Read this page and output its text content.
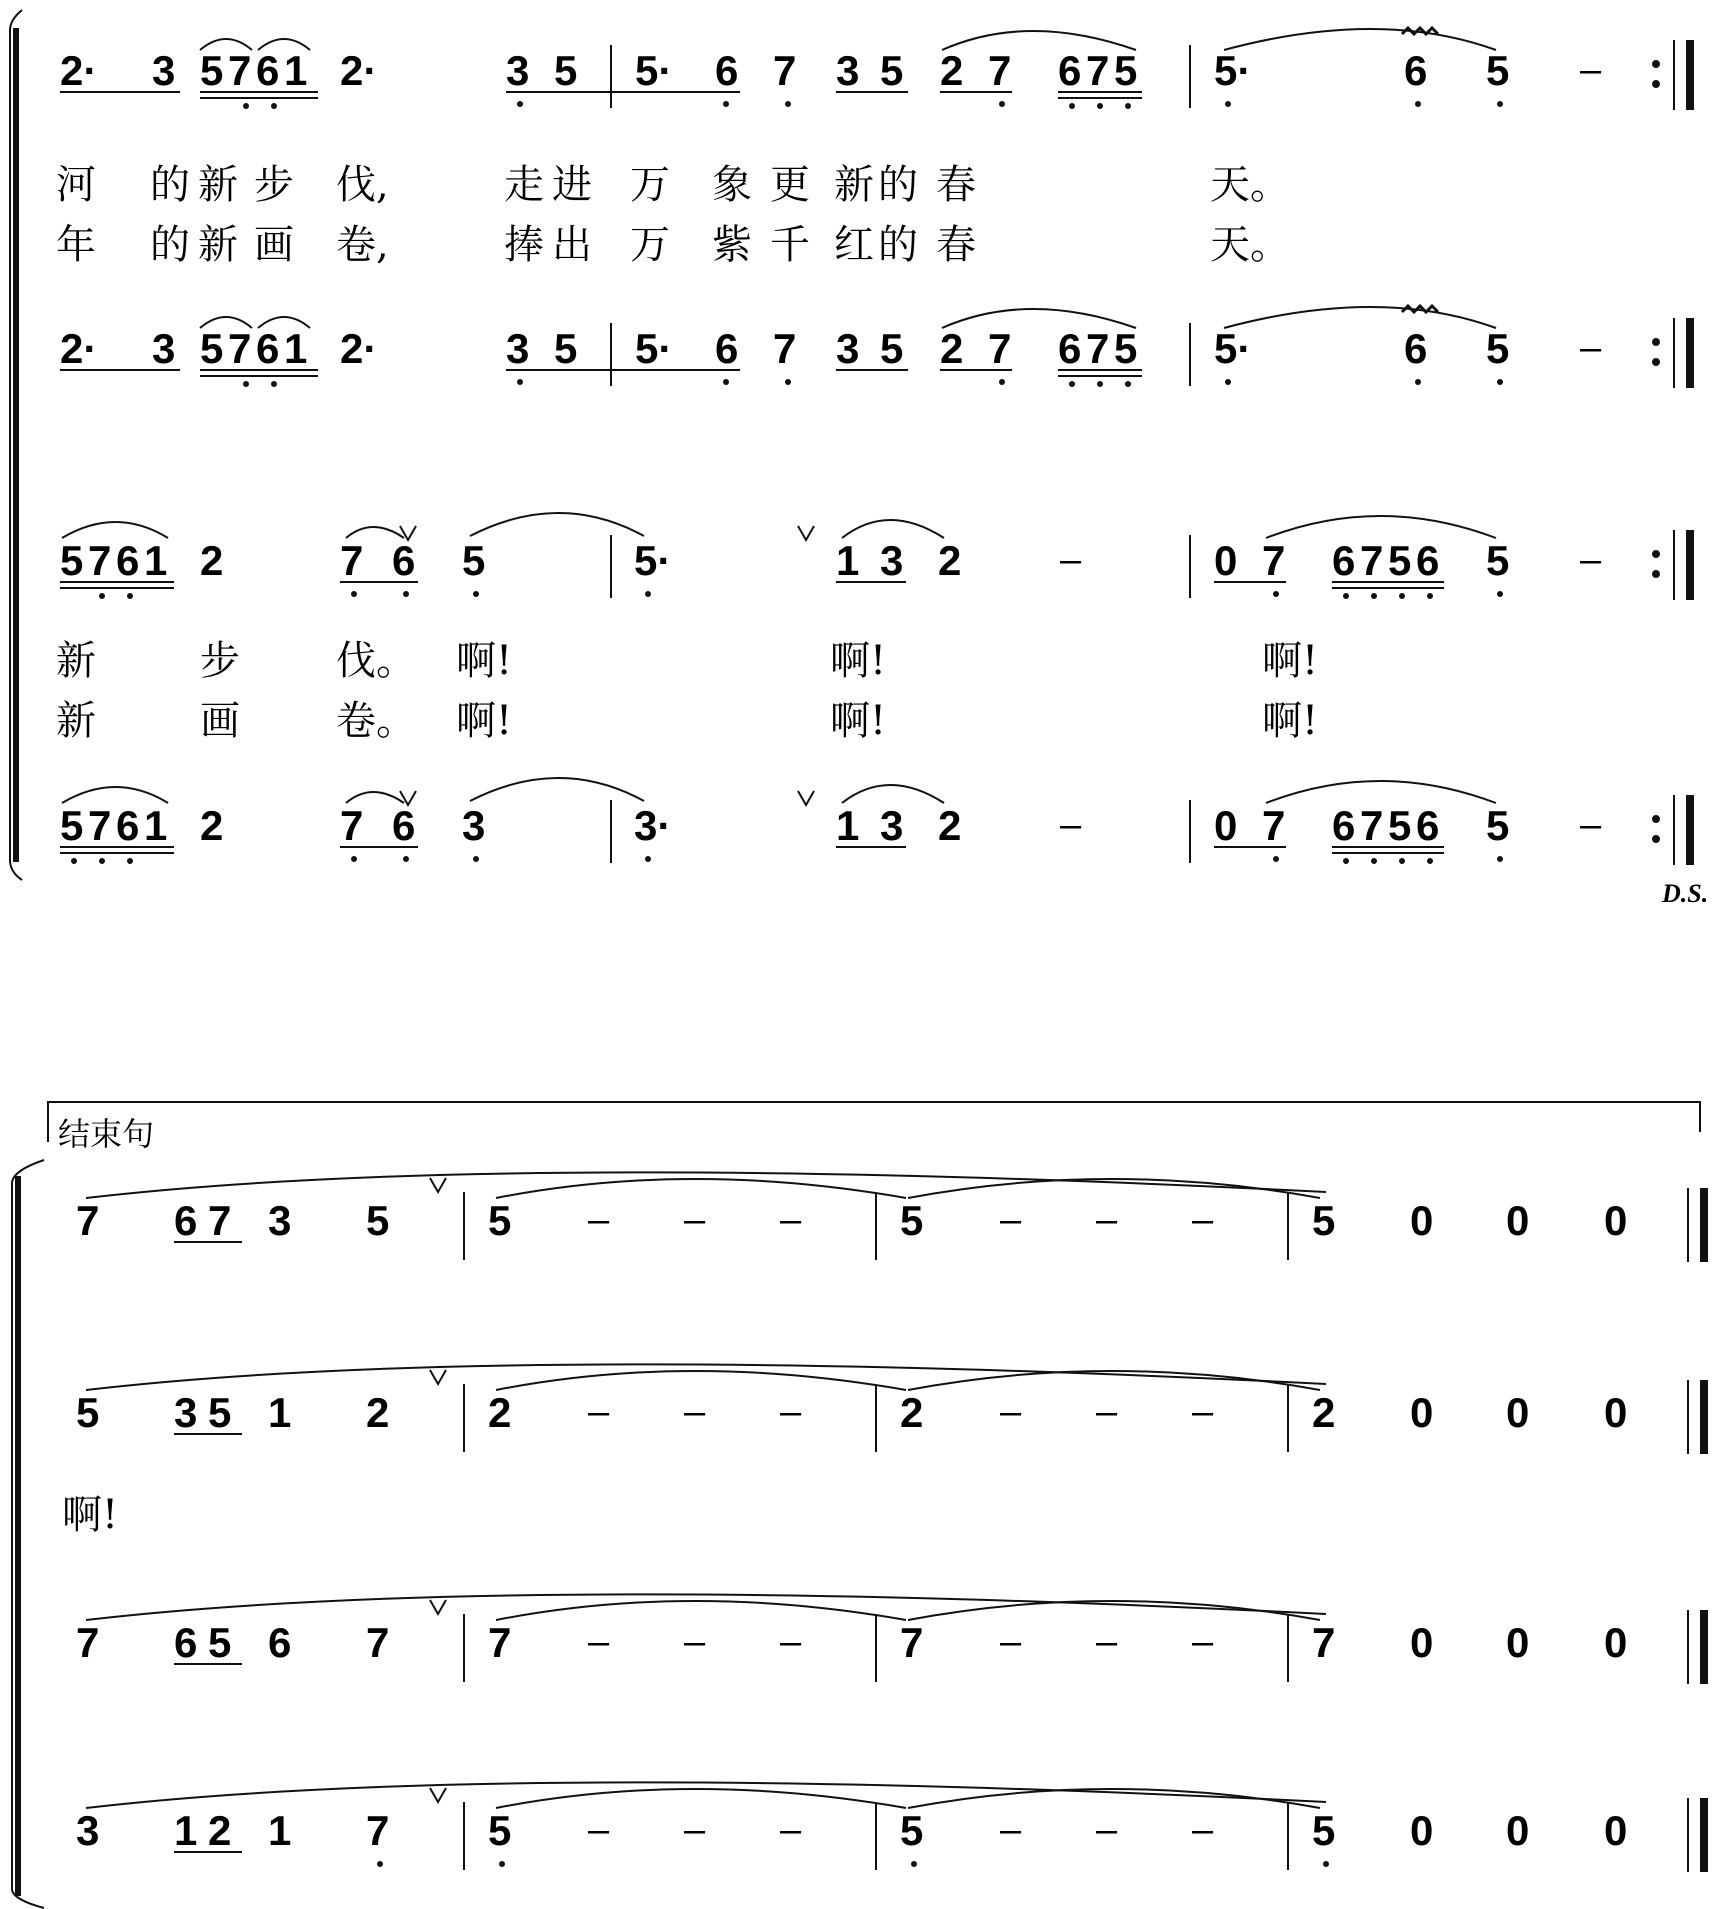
2· 3 5 7 6 1 2·	3 5 5· 6 7 3 5 2 7 6 7 5 5·	6 5 –
河 的 新 步 伐,	走 进 万 象 更 新 的 春	天。
年 的 新 画 卷,	捧 出 万 紫 千 红 的 春	天。
2· 3 5 7 6 1 2·	3 5 5· 6 7 3 5 2 7 6 7 5 5·	6 5 –
5 7 6 1 2	7 6 5	5·	1 3 2	–	0 7 6 7 5 6 5 –
新	步 伐。 啊!	啊!	啊!
新	画 卷。 啊!	啊!	啊!
5 7 6 1 2	7 6 3	3·	1 3 2	–	0 7 6 7 5 6 5 –
D.S.
结束句
7 6 7 3 5 5 – – – 5 – – – 5 0 0 0
5 3 5 1 2 2 – – – 2 – – – 2 0 0 0
啊!
7 6 5 6 7 7 – – – 7 – – – 7 0 0 0
3 1 2 1 7 5 – – – 5 – – – 5 0 0 0
